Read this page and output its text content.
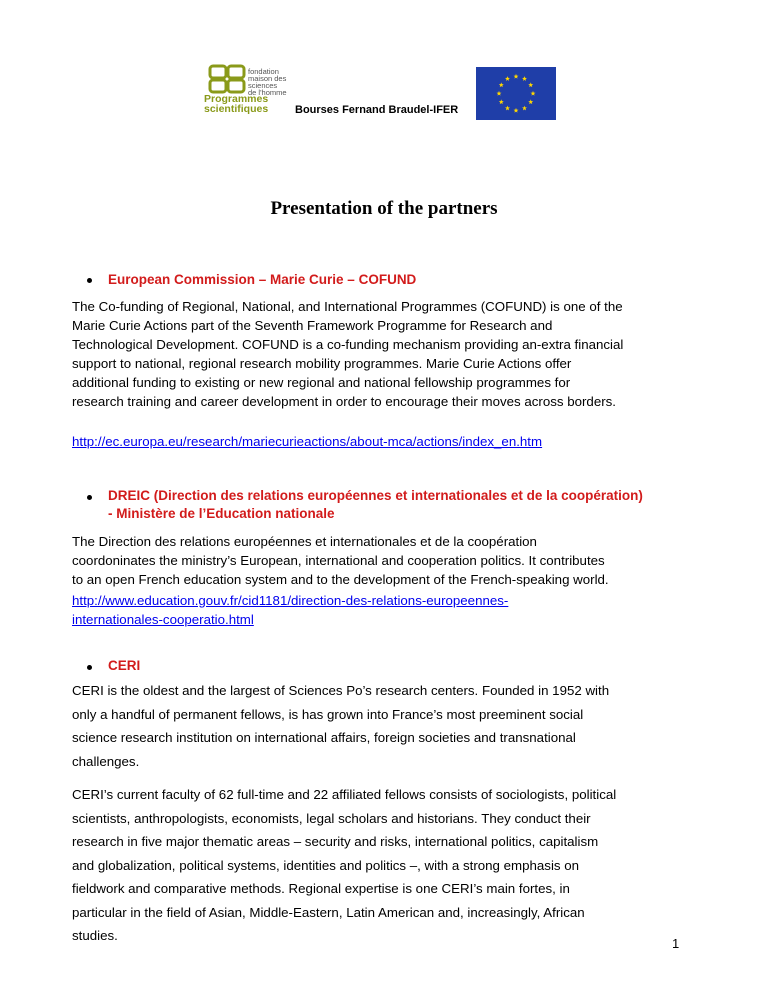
fondation
maison des
sciences
de l'homme
Programmes
scientifiques Bourses Fernand Braudel-IFER
Presentation of the partners
European Commission – Marie Curie – COFUND
The Co-funding of Regional, National, and International Programmes (COFUND) is one of the
Marie Curie Actions part of the Seventh Framework Programme for Research and
Technological Development. COFUND is a co-funding mechanism providing an-extra financial
support to national, regional research mobility programmes. Marie Curie Actions offer
additional funding to existing or new regional and national fellowship programmes for
research training and career development in order to encourage their moves across borders.
http://ec.europa.eu/research/mariecurieactions/about-mca/actions/index_en.htm
DREIC (Direction des relations européennes et internationales et de la coopération)
- Ministère de l’Education nationale
The Direction des relations européennes et internationales et de la coopération
coordoninates the ministry’s European, international and cooperation politics. It contributes
to an open French education system and to the development of the French-speaking world.
http://www.education.gouv.fr/cid1181/direction-des-relations-europeennes-
internationales-cooperatio.html
CERI
CERI is the oldest and the largest of Sciences Po’s research centers. Founded in 1952 with
only a handful of permanent fellows, is has grown into France’s most preeminent social
science research institution on international affairs, foreign societies and transnational
challenges.
CERI’s current faculty of 62 full-time and 22 affiliated fellows consists of sociologists, political
scientists, anthropologists, economists, legal scholars and historians. They conduct their
research in five major thematic areas – security and risks, international politics, capitalism
and globalization, political systems, identities and politics –, with a strong emphasis on
fieldwork and comparative methods. Regional expertise is one CERI’s main fortes, in
particular in the field of Asian, Middle-Eastern, Latin American and, increasingly, African
studies.
1
